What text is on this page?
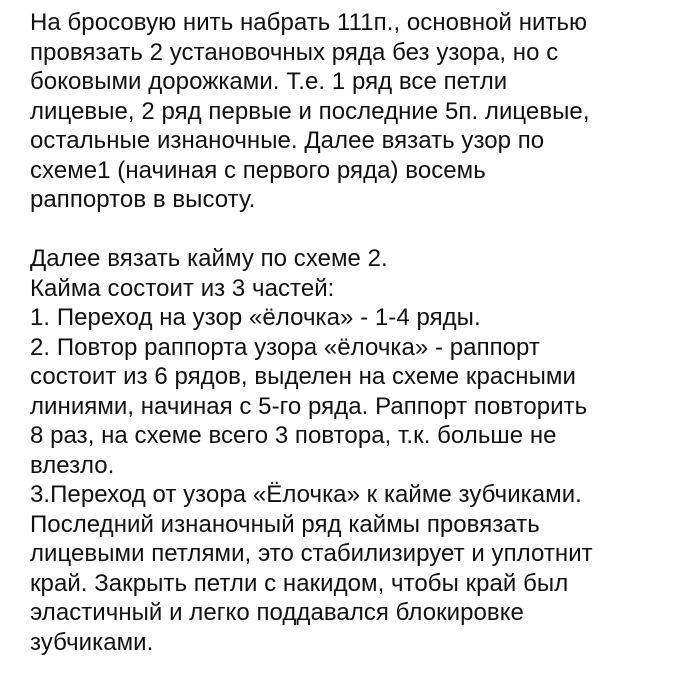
На бросовую нить набрать 111п., основной нитью
провязать 2 установочных ряда без узора, но с
боковыми дорожками. Т.е. 1 ряд все петли
лицевые, 2 ряд первые и последние 5п. лицевые,
остальные изнаночные. Далее вязать узор по
схеме1 (начиная с первого ряда) восемь
раппортов в высоту.
Далее вязать кайму по схеме 2.
Кайма состоит из 3 частей:
1. Переход на узор «ёлочка» - 1-4 ряды.
2. Повтор раппорта узора «ёлочка» - раппорт
состоит из 6 рядов, выделен на схеме красными
линиями, начиная с 5-го ряда. Раппорт повторить
8 раз, на схеме всего 3 повтора, т.к. больше не
влезло.
3.Переход от узора «Ёлочка» к кайме зубчиками.
Последний изнаночный ряд каймы провязать
лицевыми петлями, это стабилизирует и уплотнит
край. Закрыть петли с накидом, чтобы край был
эластичный и легко поддавался блокировке
зубчиками.
